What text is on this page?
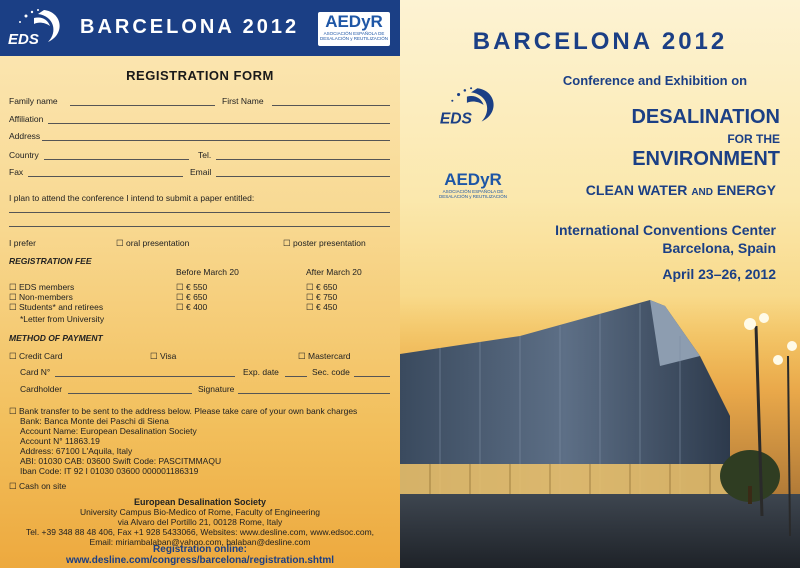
EDS
BARCELONA 2012	AEDyR
ASOCIACIÓN ESPAÑOLA DE DESALACIÓN y REUTILIZACIÓN
REGISTRATION FORM
Family name	First Name
Affiliation
Address
Country	Tel.
Fax	Email
I plan to attend the conference I intend to submit a paper entitled:
I prefer	☐ oral presentation	☐ poster presentation
REGISTRATION FEE
Before March 20	After March 20
☐ EDS members	☐ € 550	☐ € 650
☐ Non-members	☐ € 650	☐ € 750
☐ Students* and retirees	☐ € 400	☐ € 450
*Letter from University
METHOD OF PAYMENT
☐ Credit Card	☐ Visa	☐ Mastercard
Card N°	Exp. date	Sec. code
Cardholder	Signature
☐ Bank transfer to be sent to the address below. Please take care of your own bank charges
Bank: Banca Monte dei Paschi di Siena
Account Name: European Desalination Society
Account N° 11863.19
Address: 67100 L'Aquila, Italy
ABI: 01030 CAB: 03600 Swift Code: PASCITMMAQU
Iban Code: IT 92 I 01030 03600 000001186319
☐ Cash on site
European Desalination Society
University Campus Bio-Medico of Rome, Faculty of Engineering
via Alvaro del Portillo 21, 00128 Rome, Italy
Tel. +39 348 88 48 406, Fax +1 928 5433066, Websites: www.desline.com, www.edsoc.com,
Email: miriambalaban@yahoo.com, balaban@desline.com
Registration online:
www.desline.com/congress/barcelona/registration.shtml
BARCELONA 2012
EDS
Conference and Exhibition on
DESALINATION
FOR THE
ENVIRONMENT
CLEAN WATER AND ENERGY
AEDyR
ASOCIACIÓN ESPAÑOLA DE DESALACIÓN y REUTILIZACIÓN
International Conventions Center
Barcelona, Spain
April 23–26, 2012
